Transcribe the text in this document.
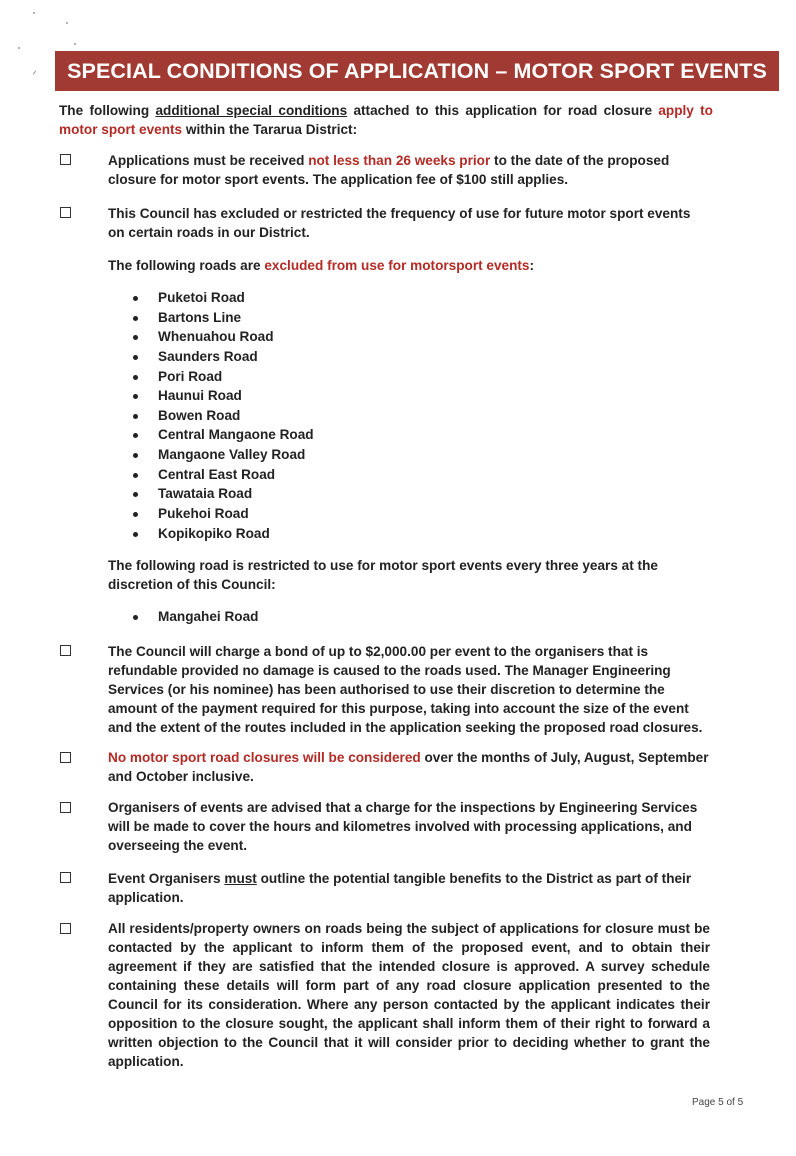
SPECIAL CONDITIONS OF APPLICATION – MOTOR SPORT EVENTS
The following additional special conditions attached to this application for road closure apply to motor sport events within the Tararua District:
Applications must be received not less than 26 weeks prior to the date of the proposed closure for motor sport events. The application fee of $100 still applies.
This Council has excluded or restricted the frequency of use for future motor sport events on certain roads in our District.
The following roads are excluded from use for motorsport events:
Puketoi Road
Bartons Line
Whenuahou Road
Saunders Road
Pori Road
Haunui Road
Bowen Road
Central Mangaone Road
Mangaone Valley Road
Central East Road
Tawataia Road
Pukehoi Road
Kopikopiko Road
The following road is restricted to use for motor sport events every three years at the discretion of this Council:
Mangahei Road
The Council will charge a bond of up to $2,000.00 per event to the organisers that is refundable provided no damage is caused to the roads used. The Manager Engineering Services (or his nominee) has been authorised to use their discretion to determine the amount of the payment required for this purpose, taking into account the size of the event and the extent of the routes included in the application seeking the proposed road closures.
No motor sport road closures will be considered over the months of July, August, September and October inclusive.
Organisers of events are advised that a charge for the inspections by Engineering Services will be made to cover the hours and kilometres involved with processing applications, and overseeing the event.
Event Organisers must outline the potential tangible benefits to the District as part of their application.
All residents/property owners on roads being the subject of applications for closure must be contacted by the applicant to inform them of the proposed event, and to obtain their agreement if they are satisfied that the intended closure is approved. A survey schedule containing these details will form part of any road closure application presented to the Council for its consideration. Where any person contacted by the applicant indicates their opposition to the closure sought, the applicant shall inform them of their right to forward a written objection to the Council that it will consider prior to deciding whether to grant the application.
Page 5 of 5
